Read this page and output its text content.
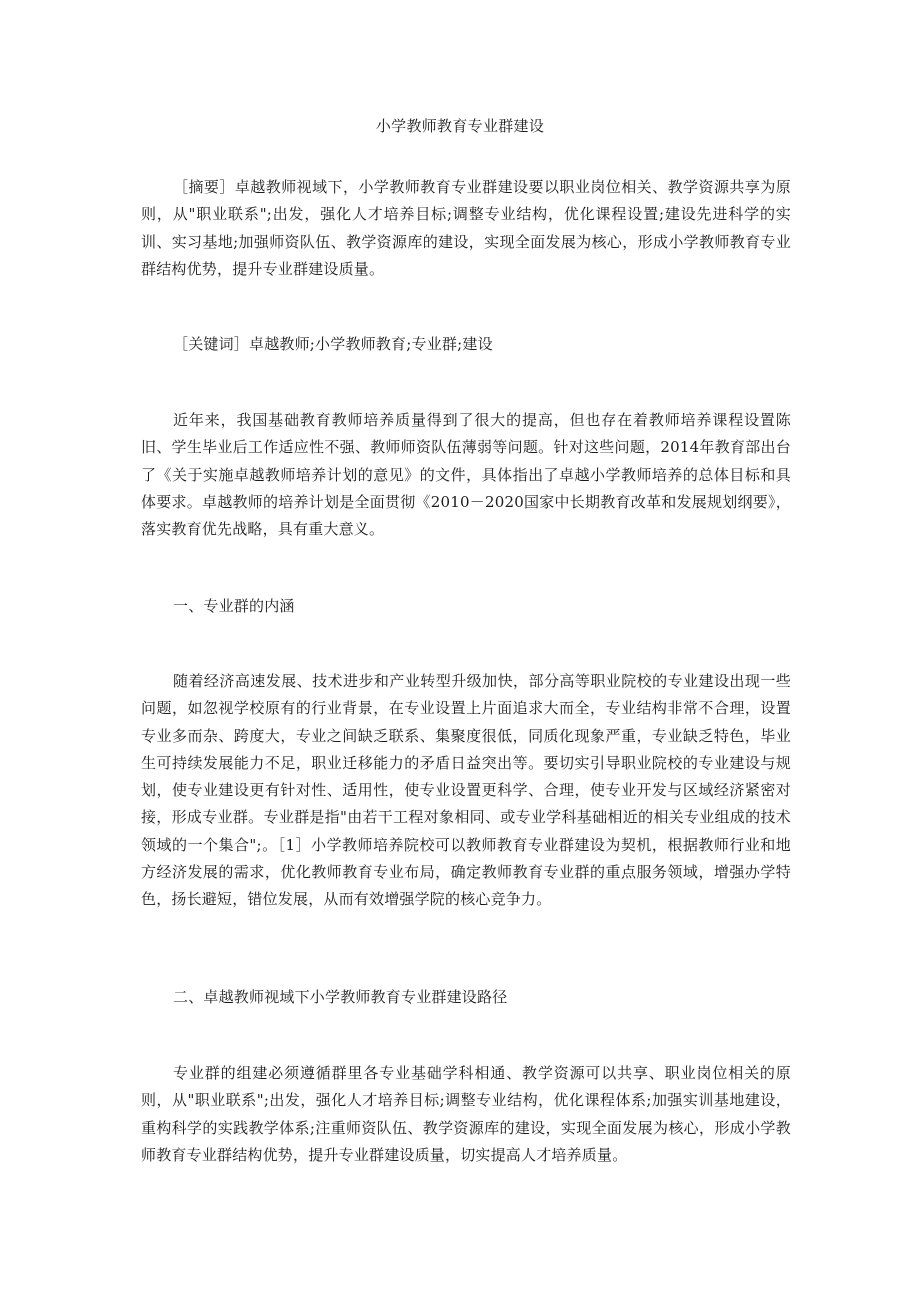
小学教师教育专业群建设
［摘要］卓越教师视域下，小学教师教育专业群建设要以职业岗位相关、教学资源共享为原则，从"职业联系";出发，强化人才培养目标;调整专业结构，优化课程设置;建设先进科学的实训、实习基地;加强师资队伍、教学资源库的建设，实现全面发展为核心，形成小学教师教育专业群结构优势，提升专业群建设质量。
［关键词］卓越教师;小学教师教育;专业群;建设
近年来，我国基础教育教师培养质量得到了很大的提高，但也存在着教师培养课程设置陈旧、学生毕业后工作适应性不强、教师师资队伍薄弱等问题。针对这些问题，2014年教育部出台了《关于实施卓越教师培养计划的意见》的文件，具体指出了卓越小学教师培养的总体目标和具体要求。卓越教师的培养计划是全面贯彻《2010－2020国家中长期教育改革和发展规划纲要》，落实教育优先战略，具有重大意义。
一、专业群的内涵
随着经济高速发展、技术进步和产业转型升级加快，部分高等职业院校的专业建设出现一些问题，如忽视学校原有的行业背景，在专业设置上片面追求大而全，专业结构非常不合理，设置专业多而杂、跨度大，专业之间缺乏联系、集聚度很低，同质化现象严重，专业缺乏特色，毕业生可持续发展能力不足，职业迁移能力的矛盾日益突出等。要切实引导职业院校的专业建设与规划，使专业建设更有针对性、适用性，使专业设置更科学、合理，使专业开发与区域经济紧密对接，形成专业群。专业群是指"由若干工程对象相同、或专业学科基础相近的相关专业组成的技术领域的一个集合";。［1］小学教师培养院校可以教师教育专业群建设为契机，根据教师行业和地方经济发展的需求，优化教师教育专业布局，确定教师教育专业群的重点服务领域，增强办学特色，扬长避短，错位发展，从而有效增强学院的核心竞争力。
二、卓越教师视域下小学教师教育专业群建设路径
专业群的组建必须遵循群里各专业基础学科相通、教学资源可以共享、职业岗位相关的原则，从"职业联系";出发，强化人才培养目标;调整专业结构，优化课程体系;加强实训基地建设，重构科学的实践教学体系;注重师资队伍、教学资源库的建设，实现全面发展为核心，形成小学教师教育专业群结构优势，提升专业群建设质量，切实提高人才培养质量。
